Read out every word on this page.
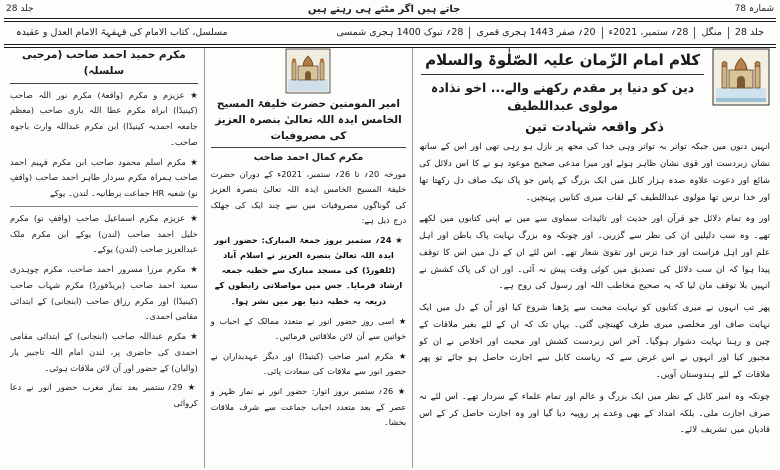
جلد 28	جاتے ہیں اگر مٹتے ہی رہتے ہیں	شمارہ 78
جلد 28
منگل
28؍ ستمبر، 2021ء
20؍ صفر 1443 ہجری قمری
28؍ تبوک 1400 ہجری شمسی
مسلسل، کتاب الامام کی قہقہۃ الامام العدل و عقیدہ
کلام امام الزّمان علیہ الصّلٰوۃ والسلام
دین کو دنیا پر مقدم رکھنے والے... اخو نذادہ مولوی عبداللطیف
ذکر واقعہ شہادت تین

انہیں دنوں میں جبکہ تواتر بہ تواتر وہی خدا کی مجھ پر نازل ہو رہی تھی اور اس کے ساتھ نشان زبردست اور قوی نشان ظاہر ہوئے اور میرا مدعی صحیح موعود ہو نے کا اس دلائل کی شائع اور دعوت علاوہ صدہ ہزار کابل میں ایک بزرگ کے پاس جو پاک نیک صاف دل رکھتا تھا اور خدا ترس تھا مولوی عبداللطیف کے لقاب میری کتابیں پہنچیں۔

اور وہ تمام دلائل جو قرآن اور حدیث اور تائیدات سماوی سے میں نے اپنی کتابوں میں لکھے تھے۔ وہ سب دلیلیں ان کی نظر سے گزریں۔ اور چونکہ وہ بزرگ نہایت پاک باطن اور اہل علم اور اہل فراست اور خدا ترس اور تقویٰ شعار تھے۔ اس لئے ان کے دل میں اس کا توقف پیدا ہوا کہ ان سب دلائل کی تصدیق میں کوئی وقت پیش نہ آئی۔ اور ان کی پاک کشش نے انہیں بلا توقف مان لیا کہ یہ صحیح مخاطب اللہ اور رسول کی روح ہے۔

پھر تب انہوں نے میری کتابوں کو نہایت محبت سے پڑھنا شروع کیا اور اُن کے دل میں ایک نہایت صاف اور مخلصی میری طرف کھینچی گئی۔ یہاں تک کہ ان کے لئے بغیر ملاقات کے چین و رہنا نہایت دشوار ہوگیا۔ آخر اس زبردست کشش اور محبت اور اخلاص نے ان کو مجبور کیا اور انہوں نے اس غرض سے کہ ریاست کابل سے اجازت حاصل ہو جائے تو پھر ملاقات کے لئے ہندوستان آویں۔

چونکہ وہ امیر کابل کے نظر میں ایک بزرگ و عالم اور تمام علماء کے سردار تھے۔ اس لئے نہ صرف اجازت ملی۔ بلکہ امداد کے بھی وعدے پر روپیہ دیا گیا اور وہ اجازت حاصل کر کے اس قادیان میں تشریف لائے۔

امیر المومنین حضرت خلیفۃ المسیح الخامس ایدہ اللہ تعالیٰ بنصرہ العزیز کی مصروفیات
مکرم کمال احمد صاحب

مورخہ 20؍ تا 26؍ ستمبر، 2021ء کے دوران حضرت خلیفۃ المسیح الخامس ایدہ اللہ تعالیٰ بنصرہ العزیز کی گوناگوں مصروفیات میں سے چند ایک کی جھلک درج ذیل ہے:

★ 24؍ ستمبر بروز جمعۃ المبارک: حضور انور ایدہ اللہ تعالیٰ بنصرہ العزیز نے اسلام آباد (ٹلفورڈ) کی مسجد مبارک سے خطبہ جمعہ ارشاد فرمایا۔ جس میں مواصلاتی رابطوں کے ذریعہ یہ خطبہ دنیا بھر میں نشر ہوا۔

★ اسی روز حضور انور نے متعدد ممالک کے احباب و خواتین سے آن لائن ملاقاتیں فرمائیں۔

★ مکرم امیر صاحب (کینیڈا) اور دیگر عہدیداران نے حضور انور سے ملاقات کی سعادت پائی۔

★ 26؍ ستمبر بروز اتوار: حضور انور نے نماز ظہر و عصر کے بعد متعدد احباب جماعت سے شرف ملاقات بخشا۔

مکرم حمید احمد صاحب (مرحبی سلسلہ)
★ عزیزم و مکرم (واقعۂ) مکرم نور اللہ صاحب (کینیڈا) ابراہ مکرم عطا اللہ باری صاحب (معظم جامعہ احمدیہ کینیڈا) ابن مکرم عبداللہ وارث باجوہ صاحب۔
★ مکرم اسلم محمود صاحب ابن مکرم فہیم احمد صاحب ہمراہ مکرم سردار طاہر احمد صاحب (واقفِ نو) شعبہ HR جماعت برطانیہ۔ لندن۔ یوکے
★ عزیزم مکرم اسماعیل صاحب (واقفِ نو) مکرم خلیل احمد صاحب (لندن) یوکے ابن مکرم ملک عبدالعزیز صاحب (لندن) یوکے۔
★ مکرم مرزا مسرور احمد صاحب، مکرم چوہدری سعید احمد صاحب (بریڈفورڈ) مکرم شہاب صاحب (کینیڈا) اور مکرم رزاق صاحب (ابنجانی) کے ابتدائی مقامی احمدی۔
★ مکرم عبداللہ صاحب (ابنجانی) کے ابتدائی مقامی احمدی کی حاضری پر، لندن امام اللہ تاجبیر یار (والیان) کے حضور اور آن لائن ملاقات ہوئی۔
★ 29؍ ستمبر بعد نماز مغرب حضور انور نے دعا کروائی
